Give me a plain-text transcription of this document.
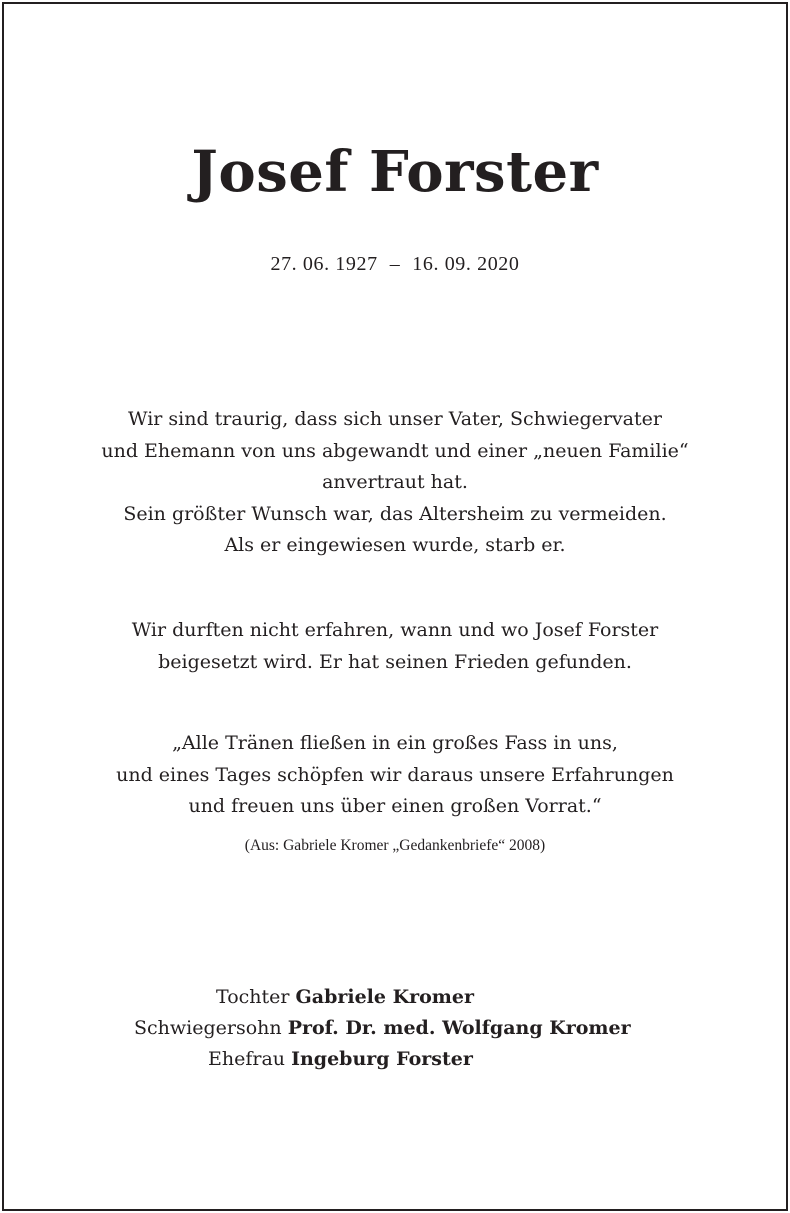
Josef Forster
27. 06. 1927 – 16. 09. 2020
Wir sind traurig, dass sich unser Vater, Schwiegervater
und Ehemann von uns abgewandt und einer „neuen Familie“
anvertraut hat.
Sein größter Wunsch war, das Altersheim zu vermeiden.
Als er eingewiesen wurde, starb er.
Wir durften nicht erfahren, wann und wo Josef Forster
beigesetzt wird. Er hat seinen Frieden gefunden.
„Alle Tränen fließen in ein großes Fass in uns,
und eines Tages schöpfen wir daraus unsere Erfahrungen
und freuen uns über einen großen Vorrat.“
(Aus: Gabriele Kromer „Gedankenbriefe“ 2008)
Tochter Gabriele Kromer
Schwiegersohn Prof. Dr. med. Wolfgang Kromer
Ehefrau Ingeburg Forster
